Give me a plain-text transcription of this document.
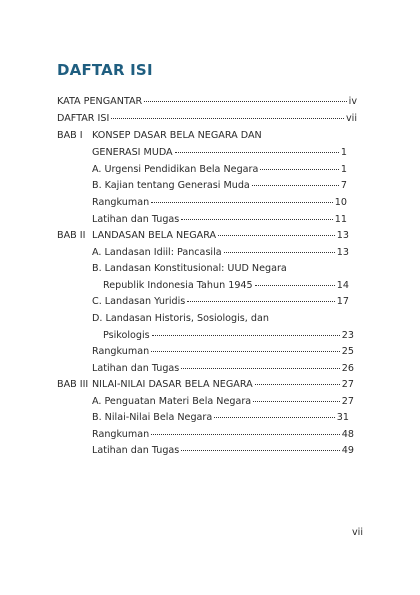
DAFTAR ISI
KATA PENGANTAR	iv
DAFTAR ISI	vii
BAB I KONSEP DASAR BELA NEGARA DAN
GENERASI MUDA	1
A. Urgensi Pendidikan Bela Negara	1
B. Kajian tentang Generasi Muda	7
Rangkuman	10
Latihan dan Tugas	11
BAB II LANDASAN BELA NEGARA	13
A. Landasan Idiil: Pancasila	13
B. Landasan Konstitusional: UUD Negara
Republik Indonesia Tahun 1945	14
C. Landasan Yuridis	17
D. Landasan Historis, Sosiologis, dan
Psikologis	23
Rangkuman	25
Latihan dan Tugas	26
BAB III NILAI-NILAI DASAR BELA NEGARA	27
A. Penguatan Materi Bela Negara	27
B. Nilai-Nilai Bela Negara	31
Rangkuman	48
Latihan dan Tugas	49
vii
